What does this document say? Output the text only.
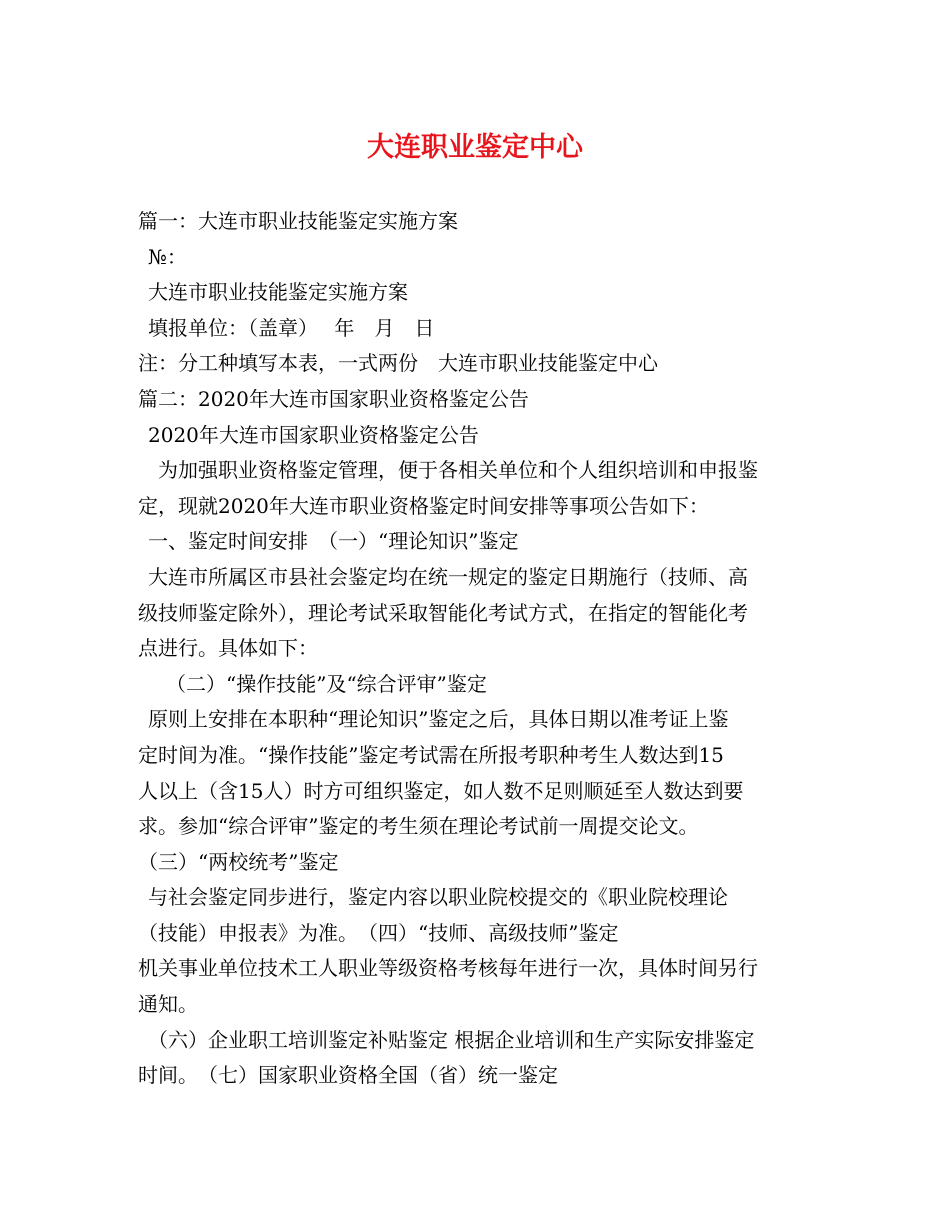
大连职业鉴定中心
篇一：大连市职业技能鉴定实施方案
№：
大连市职业技能鉴定实施方案
填报单位：（盖章）　 年　月　日
注：分工种填写本表，一式两份　大连市职业技能鉴定中心
篇二：2020年大连市国家职业资格鉴定公告
2020年大连市国家职业资格鉴定公告
为加强职业资格鉴定管理，便于各相关单位和个人组织培训和申报鉴
定，现就2020年大连市职业资格鉴定时间安排等事项公告如下：
一、鉴定时间安排　（一）“理论知识”鉴定
大连市所属区市县社会鉴定均在统一规定的鉴定日期施行（技师、高
级技师鉴定除外），理论考试采取智能化考试方式，在指定的智能化考
点进行。具体如下：
（二）“操作技能”及“综合评审”鉴定
原则上安排在本职种“理论知识”鉴定之后，具体日期以准考证上鉴
定时间为准。“操作技能”鉴定考试需在所报考职种考生人数达到15
人以上（含15人）时方可组织鉴定，如人数不足则顺延至人数达到要
求。参加“综合评审”鉴定的考生须在理论考试前一周提交论文。
（三）“两校统考”鉴定
与社会鉴定同步进行，鉴定内容以职业院校提交的《职业院校理论
（技能）申报表》为准。　（四）“技师、高级技师”鉴定
机关事业单位技术工人职业等级资格考核每年进行一次，具体时间另行
通知。
（六）企业职工培训鉴定补贴鉴定 根据企业培训和生产实际安排鉴定
时间。　（七）国家职业资格全国（省）统一鉴定
